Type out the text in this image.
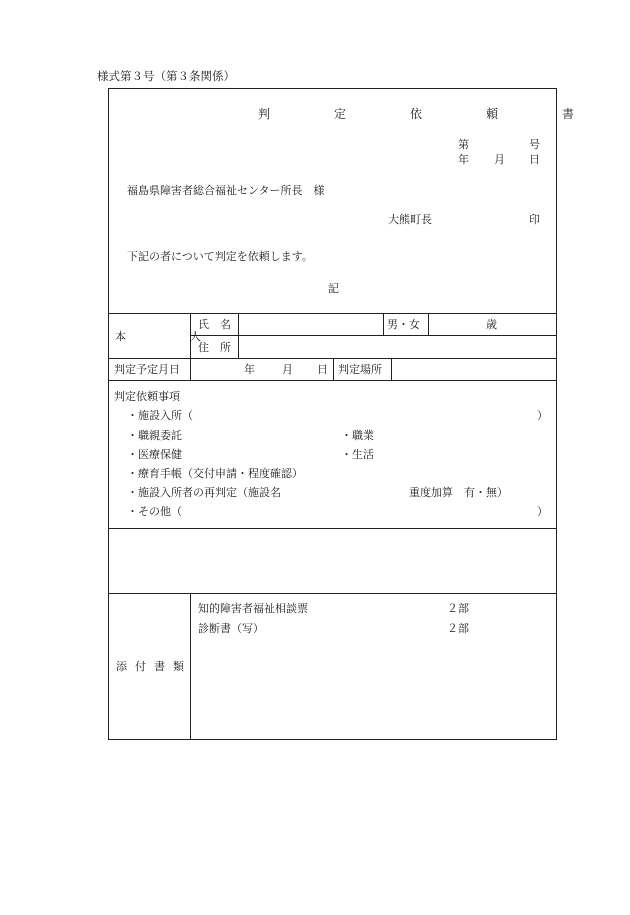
様式第３号（第３条関係）
判　定　依　頼　書
第	号
年 月 日
福島県障害者総合福祉センター所長　様
大熊町長	印
下記の者について判定を依頼します。
記
本　　人
氏　名	男・女	歳
住　所
判定予定月日	年 月 日 判定場所
判定依頼事項
・施設入所（	）
・職親委託	・職業
・医療保健	・生活
・療育手帳（交付申請・程度確認）
・施設入所者の再判定（施設名	重度加算　有・無）
・その他（	）
添付書類
知的障害者福祉相談票	２部
診断書（写）	２部
